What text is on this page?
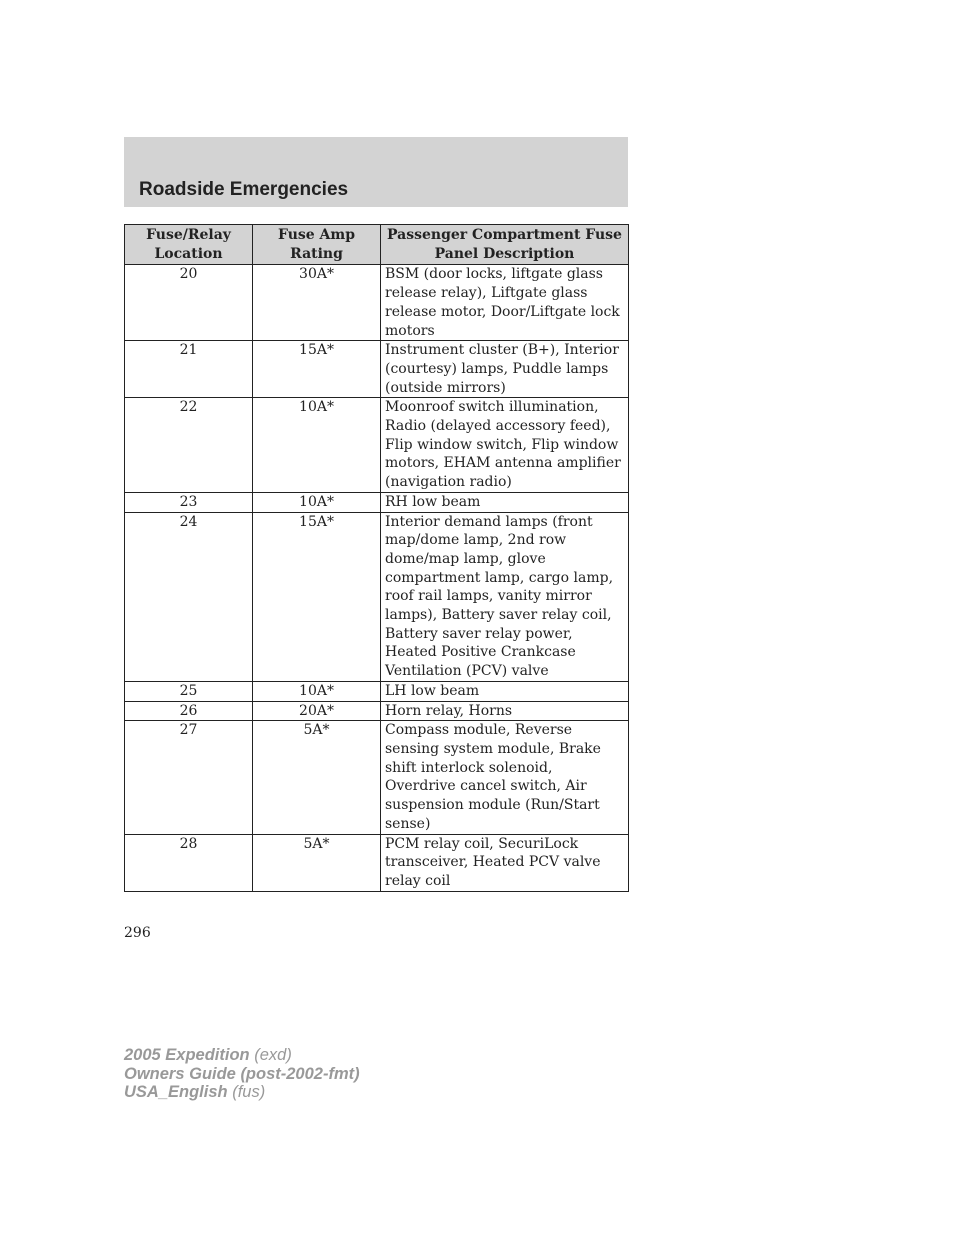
Roadside Emergencies
Fuse/Relay Location	Fuse Amp Rating	Passenger Compartment Fuse Panel Description
20	30A*	BSM (door locks, liftgate glass release relay), Liftgate glass release motor, Door/Liftgate lock motors
21	15A*	Instrument cluster (B+), Interior (courtesy) lamps, Puddle lamps (outside mirrors)
22	10A*	Moonroof switch illumination, Radio (delayed accessory feed), Flip window switch, Flip window motors, EHAM antenna amplifier (navigation radio)
23	10A*	RH low beam
24	15A*	Interior demand lamps (front map/dome lamp, 2nd row dome/map lamp, glove compartment lamp, cargo lamp, roof rail lamps, vanity mirror lamps), Battery saver relay coil, Battery saver relay power, Heated Positive Crankcase Ventilation (PCV) valve
25	10A*	LH low beam
26	20A*	Horn relay, Horns
27	5A*	Compass module, Reverse sensing system module, Brake shift interlock solenoid, Overdrive cancel switch, Air suspension module (Run/Start sense)
28	5A*	PCM relay coil, SecuriLock transceiver, Heated PCV valve relay coil
296
2005 Expedition (exd)
Owners Guide (post-2002-fmt)
USA_English (fus)
